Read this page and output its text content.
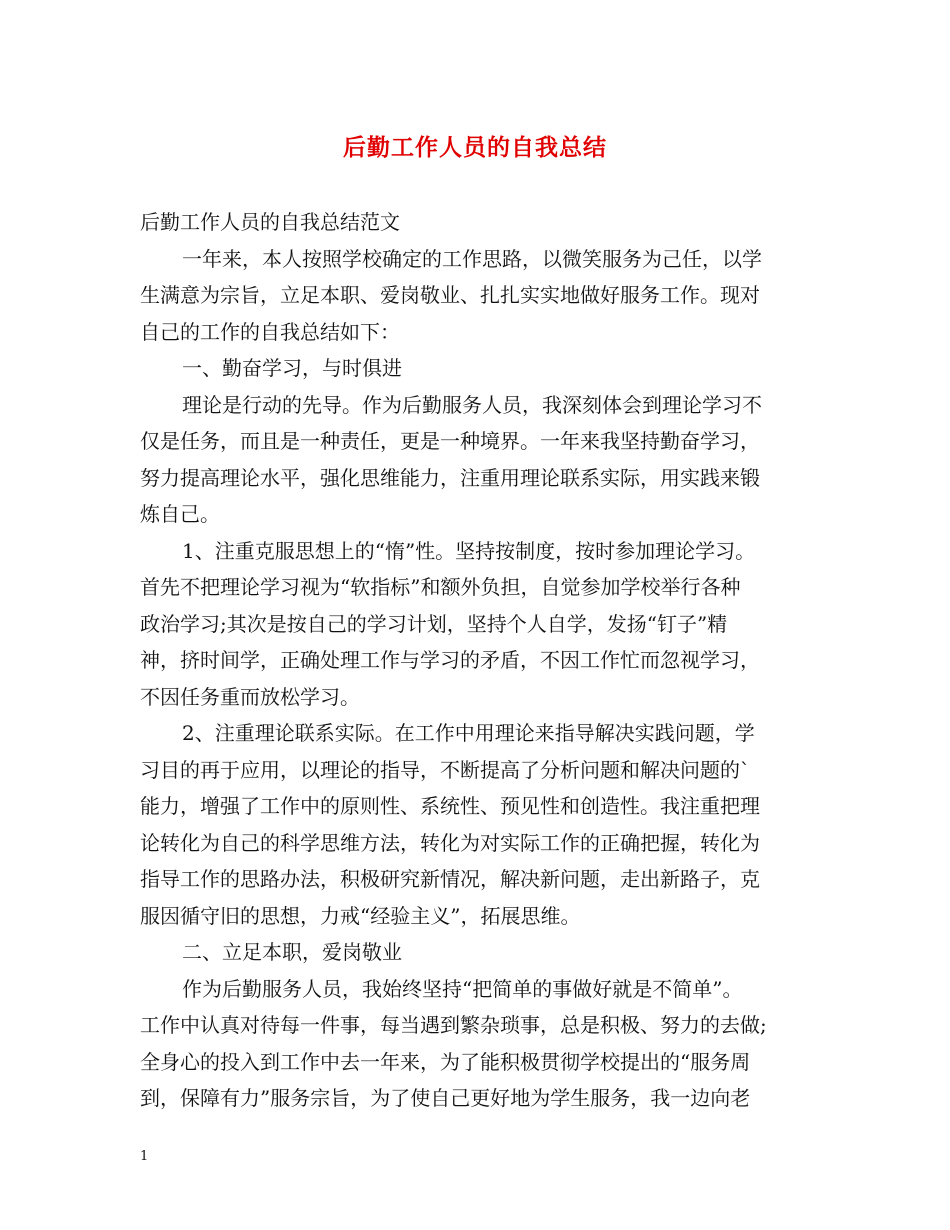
后勤工作人员的自我总结
后勤工作人员的自我总结范文
一年来，本人按照学校确定的工作思路，以微笑服务为己任，以学
生满意为宗旨，立足本职、爱岗敬业、扎扎实实地做好服务工作。现对
自己的工作的自我总结如下：
一、勤奋学习，与时俱进
理论是行动的先导。作为后勤服务人员，我深刻体会到理论学习不
仅是任务，而且是一种责任，更是一种境界。一年来我坚持勤奋学习，
努力提高理论水平，强化思维能力，注重用理论联系实际，用实践来锻
炼自己。
1、注重克服思想上的“惰”性。坚持按制度，按时参加理论学习。
首先不把理论学习视为“软指标”和额外负担，自觉参加学校举行各种
政治学习;其次是按自己的学习计划，坚持个人自学，发扬“钉子”精
神，挤时间学，正确处理工作与学习的矛盾，不因工作忙而忽视学习，
不因任务重而放松学习。
2、注重理论联系实际。在工作中用理论来指导解决实践问题，学
习目的再于应用，以理论的指导，不断提高了分析问题和解决问题的`
能力，增强了工作中的原则性、系统性、预见性和创造性。我注重把理
论转化为自己的科学思维方法，转化为对实际工作的正确把握，转化为
指导工作的思路办法，积极研究新情况，解决新问题，走出新路子，克
服因循守旧的思想，力戒“经验主义”，拓展思维。
二、立足本职，爱岗敬业
作为后勤服务人员，我始终坚持“把简单的事做好就是不简单”。
工作中认真对待每一件事，每当遇到繁杂琐事，总是积极、努力的去做;
全身心的投入到工作中去一年来，为了能积极贯彻学校提出的“服务周
到，保障有力”服务宗旨，为了使自己更好地为学生服务，我一边向老
1
